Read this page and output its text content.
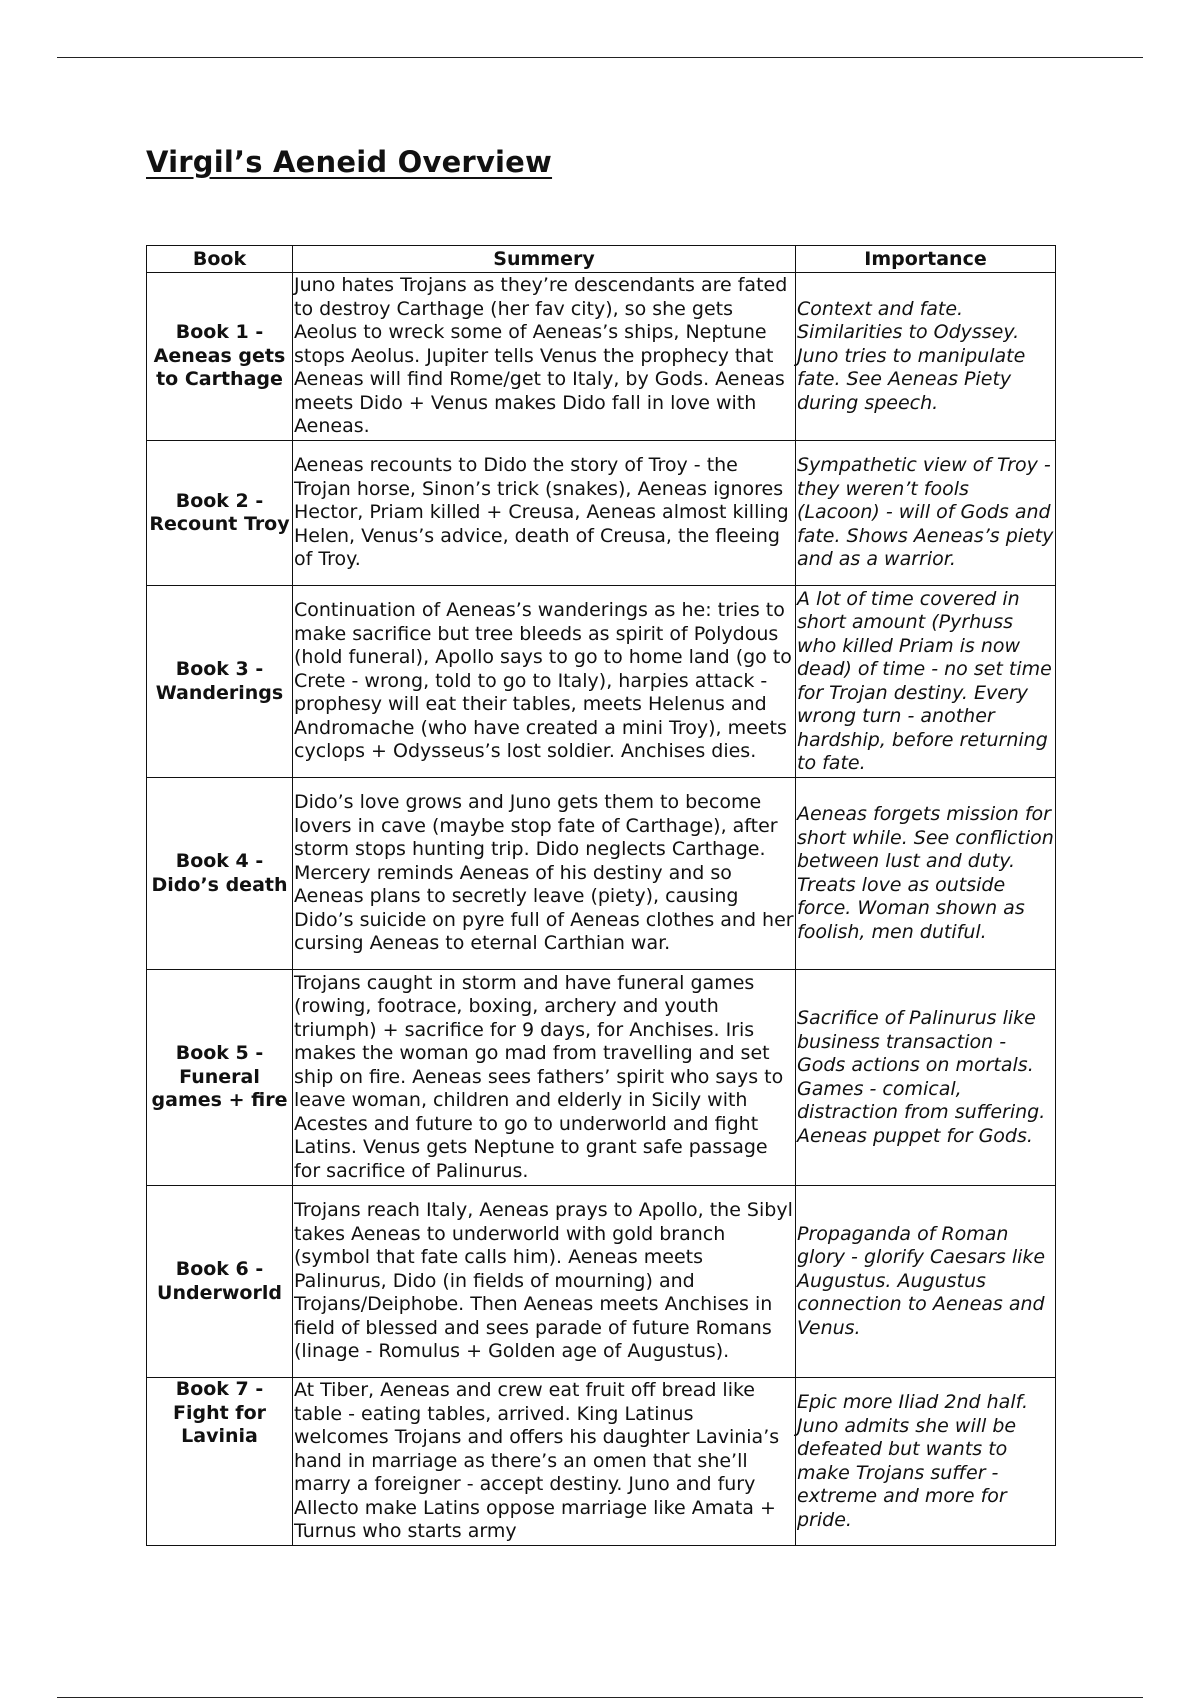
Virgil’s Aeneid Overview
Book	Summery	Importance
Book 1 - Aeneas gets to Carthage	Juno hates Trojans as they’re descendants are fated to destroy Carthage (her fav city), so she gets Aeolus to wreck some of Aeneas’s ships, Neptune stops Aeolus. Jupiter tells Venus the prophecy that Aeneas will find Rome/get to Italy, by Gods. Aeneas meets Dido + Venus makes Dido fall in love with Aeneas.	Context and fate. Similarities to Odyssey. Juno tries to manipulate fate. See Aeneas Piety during speech.
Book 2 - Recount Troy	Aeneas recounts to Dido the story of Troy - the Trojan horse, Sinon’s trick (snakes), Aeneas ignores Hector, Priam killed + Creusa, Aeneas almost killing Helen, Venus’s advice, death of Creusa, the fleeing of Troy.	Sympathetic view of Troy - they weren’t fools (Lacoon) - will of Gods and fate. Shows Aeneas’s piety and as a warrior.
Book 3 - Wanderings	Continuation of Aeneas’s wanderings as he: tries to make sacrifice but tree bleeds as spirit of Polydous (hold funeral), Apollo says to go to home land (go to Crete - wrong, told to go to Italy), harpies attack - prophesy will eat their tables, meets Helenus and Andromache (who have created a mini Troy), meets cyclops + Odysseus’s lost soldier. Anchises dies.	A lot of time covered in short amount (Pyrhuss who killed Priam is now dead) of time - no set time for Trojan destiny. Every wrong turn - another hardship, before returning to fate.
Book 4 - Dido’s death	Dido’s love grows and Juno gets them to become lovers in cave (maybe stop fate of Carthage), after storm stops hunting trip. Dido neglects Carthage. Mercery reminds Aeneas of his destiny and so Aeneas plans to secretly leave (piety), causing Dido’s suicide on pyre full of Aeneas clothes and her cursing Aeneas to eternal Carthian war.	Aeneas forgets mission for short while. See confliction between lust and duty. Treats love as outside force. Woman shown as foolish, men dutiful.
Book 5 - Funeral games + fire	Trojans caught in storm and have funeral games (rowing, footrace, boxing, archery and youth triumph) + sacrifice for 9 days, for Anchises. Iris makes the woman go mad from travelling and set ship on fire. Aeneas sees fathers’ spirit who says to leave woman, children and elderly in Sicily with Acestes and future to go to underworld and fight Latins. Venus gets Neptune to grant safe passage for sacrifice of Palinurus.	Sacrifice of Palinurus like business transaction - Gods actions on mortals. Games - comical, distraction from suffering. Aeneas puppet for Gods.
Book 6 - Underworld	Trojans reach Italy, Aeneas prays to Apollo, the Sibyl takes Aeneas to underworld with gold branch (symbol that fate calls him). Aeneas meets Palinurus, Dido (in fields of mourning) and Trojans/Deiphobe. Then Aeneas meets Anchises in field of blessed and sees parade of future Romans (linage - Romulus + Golden age of Augustus).	Propaganda of Roman glory - glorify Caesars like Augustus. Augustus connection to Aeneas and Venus.
Book 7 - Fight for Lavinia	At Tiber, Aeneas and crew eat fruit off bread like table - eating tables, arrived. King Latinus welcomes Trojans and offers his daughter Lavinia’s hand in marriage as there’s an omen that she’ll marry a foreigner - accept destiny. Juno and fury Allecto make Latins oppose marriage like Amata + Turnus who starts army	Epic more Iliad 2nd half. Juno admits she will be defeated but wants to make Trojans suffer - extreme and more for pride.
